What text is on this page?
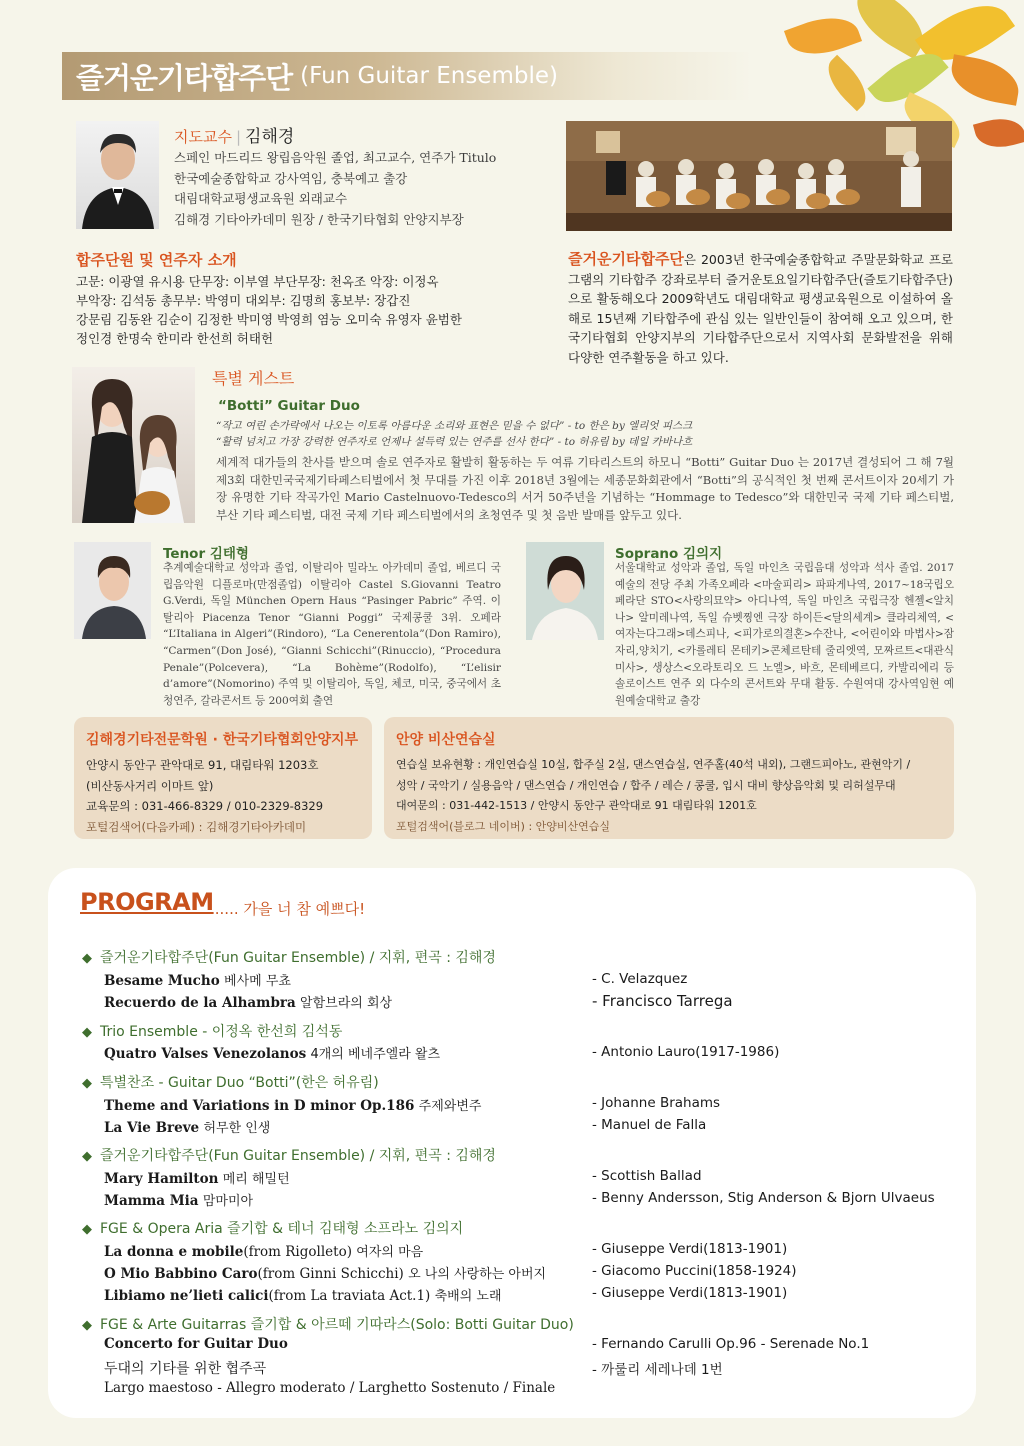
즐거운기타합주단 (Fun Guitar Ensemble)
지도교수 | 김해경
스페인 마드리드 왕립음악원 졸업, 최고교수, 연주가 Titulo
한국예술종합학교 강사역임, 충북예고 출강
대림대학교평생교육원 외래교수
김해경 기타아카데미 원장 / 한국기타협회 안양지부장
합주단원 및 연주자 소개
고문: 이광열 유시용 단무장: 이부열 부단무장: 천옥조 악장: 이정옥
부악장: 김석동 총무부: 박영미 대외부: 김명희 홍보부: 장갑진
강문림 김동완 김순이 김정한 박미영 박영희 염능 오미숙 유영자 윤범한
정인경 한명숙 한미라 한선희 허태헌
즐거운기타합주단은 2003년 한국예술종합학교 주말문화학교 프로그램의 기타합주 강좌로부터 즐거운토요일기타합주단(즐토기타합주단)으로 활동해오다 2009학년도 대림대학교 평생교육원으로 이설하여 올 해로 15년째 기타합주에 관심 있는 일반인들이 참여해 오고 있으며, 한국기타협회 안양지부의 기타합주단으로서 지역사회 문화발전을 위해 다양한 연주활동을 하고 있다.
특별 게스트
“Botti” Guitar Duo
“작고 여린 손가락에서 나오는 이토록 아름다운 소리와 표현은 믿을 수 없다” - to 한은 by 엘리엇 피스크
“활력 넘치고 가장 강력한 연주자로 언제나 설득력 있는 연주를 선사 한다” - to 허유림 by 데일 카바나흐
세계적 대가들의 찬사를 받으며 솔로 연주자로 활발히 활동하는 두 여류 기타리스트의 하모니 “Botti” Guitar Duo 는 2017년 결성되어 그 해 7월 제3회 대한민국국제기타페스티벌에서 첫 무대를 가진 이후 2018년 3월에는 세종문화회관에서 “Botti”의 공식적인 첫 번째 콘서트이자 20세기 가장 유명한 기타 작곡가인 Mario Castelnuovo-Tedesco의 서거 50주년을 기념하는 “Hommage to Tedesco”와 대한민국 국제 기타 페스티벌, 부산 기타 페스티벌, 대전 국제 기타 페스티벌에서의 초청연주 및 첫 음반 발매를 앞두고 있다.
Tenor 김태형
추계예술대학교 성악과 졸업, 이탈리아 밀라노 아카데미 졸업, 베르디 국립음악원 디플로마(만점졸업) 이탈리아 Castel S.Giovanni Teatro G.Verdi, 독일 München Opern Haus “Pasinger Pabric” 주역. 이탈리아 Piacenza Tenor “Gianni Poggi” 국제콩쿨 3위. 오페라 “L’Italiana in Algeri”(Rindoro), “La Cenerentola”(Don Ramiro), “Carmen”(Don José), “Gianni Schicchi”(Rinuccio), “Procedura Penale”(Polcevera), “La Bohème”(Rodolfo), “L’elisir d’amore”(Nomorino) 주역 및 이탈리아, 독일, 체코, 미국, 중국에서 초청연주, 갈라콘서트 등 200여회 출연
Soprano 김의지
서울대학교 성악과 졸업, 독일 마인츠 국립음대 성악과 석사 졸업. 2017 예술의 전당 주최 가족오페라 <마술피리> 파파게나역, 2017~18국립오페라단 STO<사랑의묘약> 아디나역, 독일 마인츠 국립극장 헨젤<알치나> 알미레나역, 독일 슈벳찡엔 극장 하이든<달의세계> 클라리체역, <여자는다그래>데스피나, <피가로의결혼>수잔나, <어린이와 마법사>잠자리,양치기, <카롤레티 몬테키>콘체르탄테 줄리엣역, 모짜르트<대관식 미사>, 생상스<오라토리오 드 노엘>, 바흐, 몬테베르디, 카발리에리 등 솔로이스트 연주 외 다수의 콘서트와 무대 활동. 수원여대 강사역임현 예원예술대학교 출강
김해경기타전문학원 · 한국기타협회안양지부
안양시 동안구 관악대로 91, 대림타워 1203호
(비산동사거리 이마트 앞)
교육문의 : 031-466-8329 / 010-2329-8329
포털검색어(다음카페) : 김해경기타아카데미
안양 비산연습실
연습실 보유현황 : 개인연습실 10실, 합주실 2실, 댄스연습실, 연주홀(40석 내외), 그랜드피아노, 관현악기 /
성악 / 국악기 / 실용음악 / 댄스연습 / 개인연습 / 합주 / 레슨 / 콩쿨, 입시 대비 향상음악회 및 리허설무대
대여문의 : 031-442-1513 / 안양시 동안구 관악대로 91 대림타워 1201호
포털검색어(블로그 네이버) : 안양비산연습실
PROGRAM
...... 가을 너 참 예쁘다!
◆ 즐거운기타합주단(Fun Guitar Ensemble) / 지휘, 편곡 : 김해경
Besame Mucho 베사메 무쵸	- C. Velazquez
Recuerdo de la Alhambra 알함브라의 회상	- Francisco Tarrega
◆ Trio Ensemble - 이정옥 한선희 김석동
Quatro Valses Venezolanos 4개의 베네주엘라 왈츠	- Antonio Lauro(1917-1986)
◆ 특별찬조 - Guitar Duo “Botti”(한은 허유림)
Theme and Variations in D minor Op.186 주제와변주	- Johanne Brahams
La Vie Breve 허무한 인생	- Manuel de Falla
◆ 즐거운기타합주단(Fun Guitar Ensemble) / 지휘, 편곡 : 김해경
Mary Hamilton 메리 해밀턴	- Scottish Ballad
Mamma Mia 맘마미아	- Benny Andersson, Stig Anderson & Bjorn Ulvaeus
◆ FGE & Opera Aria 즐기합 & 테너 김태형 소프라노 김의지
La donna e mobile(from Rigolleto) 여자의 마음	- Giuseppe Verdi(1813-1901)
O Mio Babbino Caro(from Ginni Schicchi) 오 나의 사랑하는 아버지	- Giacomo Puccini(1858-1924)
Libiamo ne’lieti calici(from La traviata Act.1) 축배의 노래	- Giuseppe Verdi(1813-1901)
◆ FGE & Arte Guitarras 즐기합 & 아르떼 기따라스(Solo: Botti Guitar Duo)
Concerto for Guitar Duo	- Fernando Carulli Op.96 - Serenade No.1
두대의 기타를 위한 협주곡	- 까룰리 세레나데 1번
Largo maestoso - Allegro moderato / Larghetto Sostenuto / Finale
